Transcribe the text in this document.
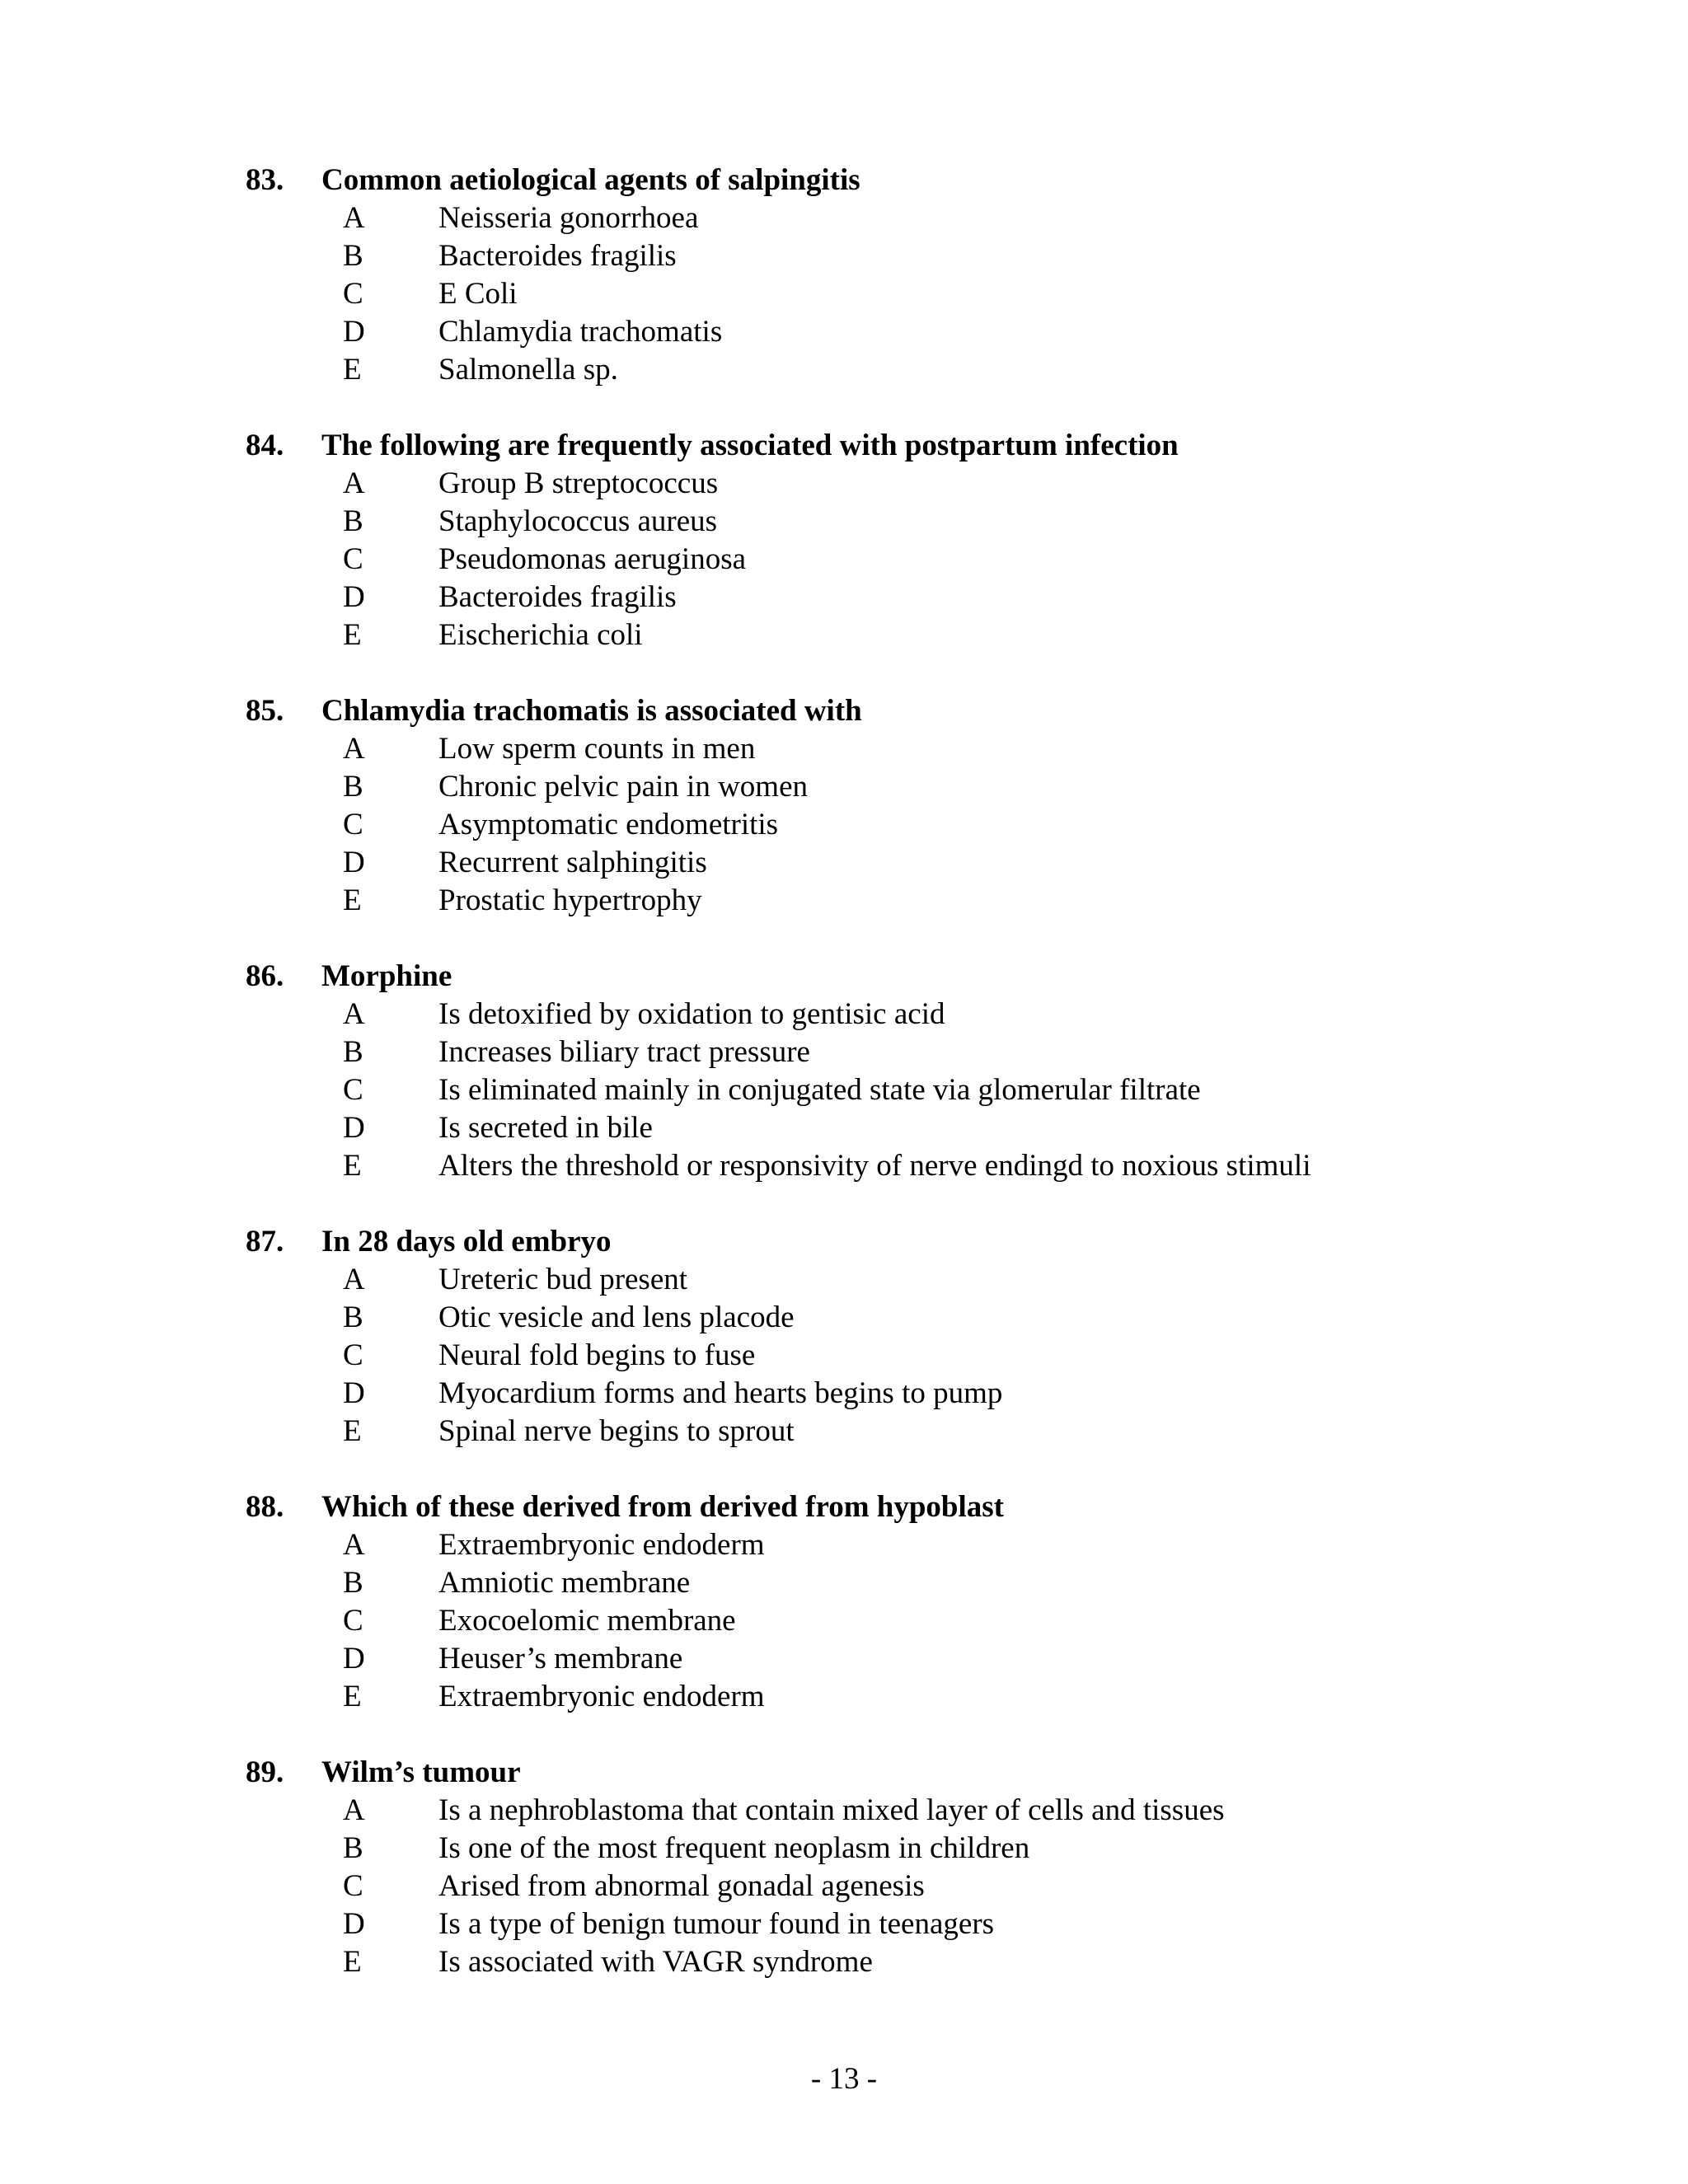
83.	Common aetiological agents of salpingitis
A	Neisseria gonorrhoea
B	Bacteroides fragilis
C	E Coli
D	Chlamydia trachomatis
E	Salmonella sp.
84.	The following are frequently associated with postpartum infection
A	Group B streptococcus
B	Staphylococcus aureus
C	Pseudomonas aeruginosa
D	Bacteroides fragilis
E	Eischerichia coli
85.	Chlamydia trachomatis is associated with
A	Low sperm counts in men
B	Chronic pelvic pain in women
C	Asymptomatic endometritis
D	Recurrent salphingitis
E	Prostatic hypertrophy
86.	Morphine
A	Is detoxified by oxidation to gentisic acid
B	Increases biliary tract pressure
C	Is eliminated mainly in conjugated state via glomerular filtrate
D	Is secreted in bile
E	Alters the threshold or responsivity of nerve endingd to noxious stimuli
87.	In 28 days old embryo
A	Ureteric bud present
B	Otic vesicle and lens placode
C	Neural fold begins to fuse
D	Myocardium forms and hearts begins to pump
E	Spinal nerve begins to sprout
88.	Which of these derived from derived from hypoblast
A	Extraembryonic endoderm
B	Amniotic membrane
C	Exocoelomic membrane
D	Heuser’s membrane
E	Extraembryonic endoderm
89.	Wilm’s tumour
A	Is a nephroblastoma that contain mixed layer of cells and tissues
B	Is one of the most frequent neoplasm in children
C	Arised from abnormal gonadal agenesis
D	Is a type of benign tumour found in teenagers
E	Is associated with VAGR syndrome
- 13 -
